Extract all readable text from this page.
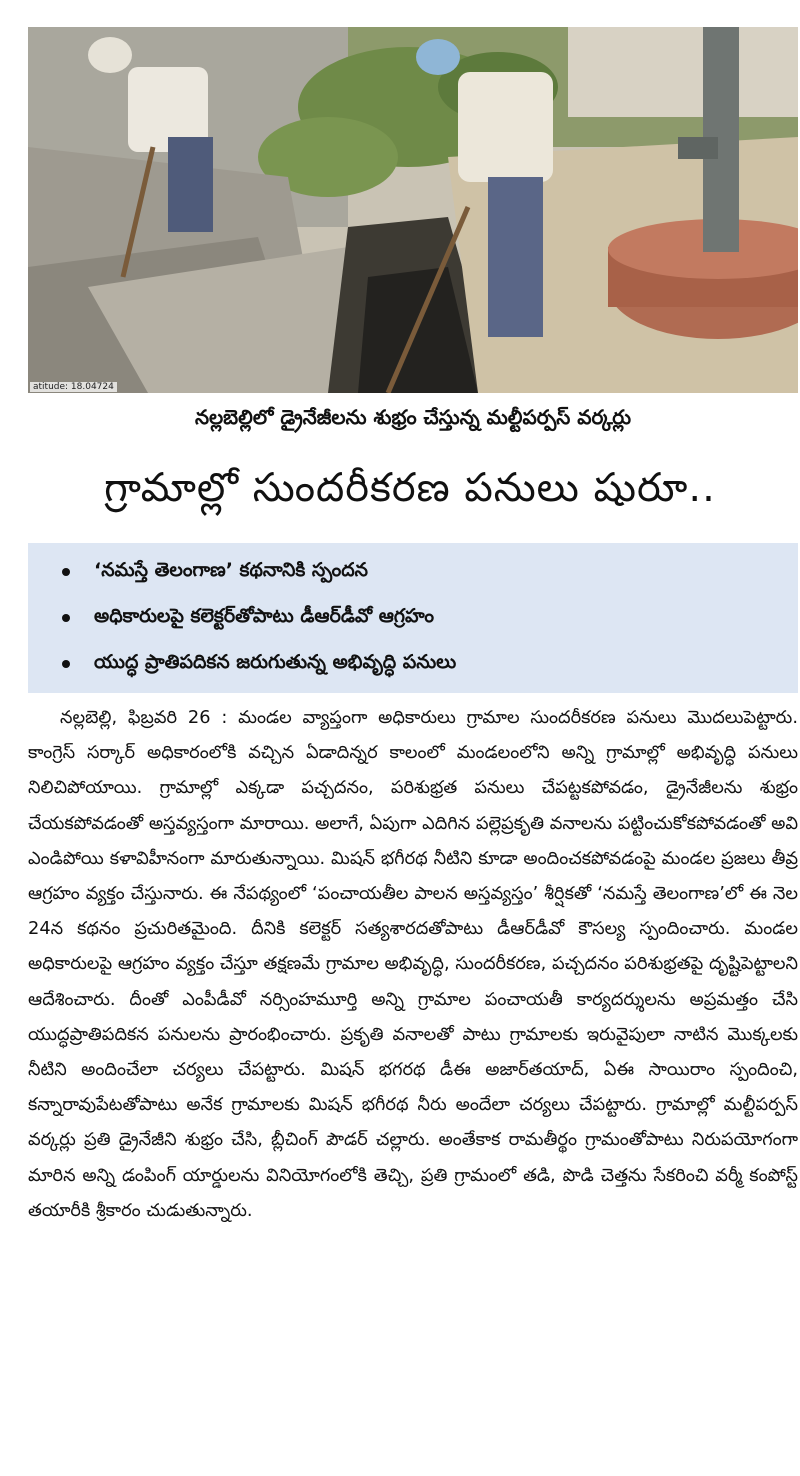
atitude: 18.04724
నల్లబెల్లిలో డ్రైనేజీలను శుభ్రం చేస్తున్న మల్టీపర్పస్ వర్కర్లు
గ్రామాల్లో సుందరీకరణ పనులు షురూ..
‘నమస్తే తెలంగాణ’ కథనానికి స్పందన
అధికారులపై కలెక్టర్‌తోపాటు డీఆర్‌డీవో ఆగ్రహం
యుద్ధ ప్రాతిపదికన జరుగుతున్న అభివృద్ధి పనులు

నల్లబెల్లి, ఫిబ్రవరి 26 : మండల వ్యాప్తంగా అధికారులు గ్రామాల సుందరీకరణ పనులు మొదలుపెట్టారు. కాంగ్రెస్ సర్కార్ అధికారంలోకి వచ్చిన ఏడాదిన్నర కాలంలో మండలంలోని అన్ని గ్రామాల్లో అభివృద్ధి పనులు నిలిచిపోయాయి. గ్రామాల్లో ఎక్కడా పచ్చదనం, పరిశుభ్రత పనులు చేపట్టకపోవడం, డ్రైనేజీలను శుభ్రం చేయకపోవడంతో అస్తవ్యస్తంగా మారాయి. అలాగే, ఏపుగా ఎదిగిన పల్లెప్రకృతి వనాలను పట్టించుకోకపోవడంతో అవి ఎండిపోయి కళావిహీనంగా మారుతున్నాయి. మిషన్ భగీరథ నీటిని కూడా అందించకపోవడంపై మండల ప్రజలు తీవ్ర ఆగ్రహం వ్యక్తం చేస్తునారు. ఈ నేపథ్యంలో ‘పంచాయతీల పాలన అస్తవ్యస్తం’ శీర్షికతో ‘నమస్తే తెలంగాణ’లో ఈ నెల 24న కథనం ప్రచురితమైంది. దీనికి కలెక్టర్ సత్యశారదతోపాటు డీఆర్‌డీవో కౌసల్య స్పందించారు. మండల అధికారులపై ఆగ్రహం వ్యక్తం చేస్తూ తక్షణమే గ్రామాల అభివృద్ధి, సుందరీకరణ, పచ్చదనం పరిశుభ్రతపై దృష్టిపెట్టాలని ఆదేశించారు. దీంతో ఎంపీడీవో నర్సింహమూర్తి అన్ని గ్రామాల పంచాయతీ కార్యదర్శులను అప్రమత్తం చేసి యుద్ధప్రాతిపదికన పనులను ప్రారంభించారు. ప్రకృతి వనాలతో పాటు గ్రామాలకు ఇరువైపులా నాటిన మొక్కలకు నీటిని అందించేలా చర్యలు చేపట్టారు. మిషన్ భగరథ డీఈ అజార్‌తయాద్, ఏఈ సాయిరాం స్పందించి, కన్నారావుపేటతోపాటు అనేక గ్రామాలకు మిషన్ భగీరథ నీరు అందేలా చర్యలు చేపట్టారు. గ్రామాల్లో మల్టీపర్పస్ వర్కర్లు ప్రతి డ్రైనేజీని శుభ్రం చేసి, బ్లీచింగ్ పౌడర్ చల్లారు. అంతేకాక రామతీర్థం గ్రామంతోపాటు నిరుపయోగంగా మారిన అన్ని డంపింగ్ యార్డులను వినియోగంలోకి తెచ్చి, ప్రతి గ్రామంలో తడి, పొడి చెత్తను సేకరించి వర్మీ కంపోస్ట్ తయారీకి శ్రీకారం చుడుతున్నారు.
